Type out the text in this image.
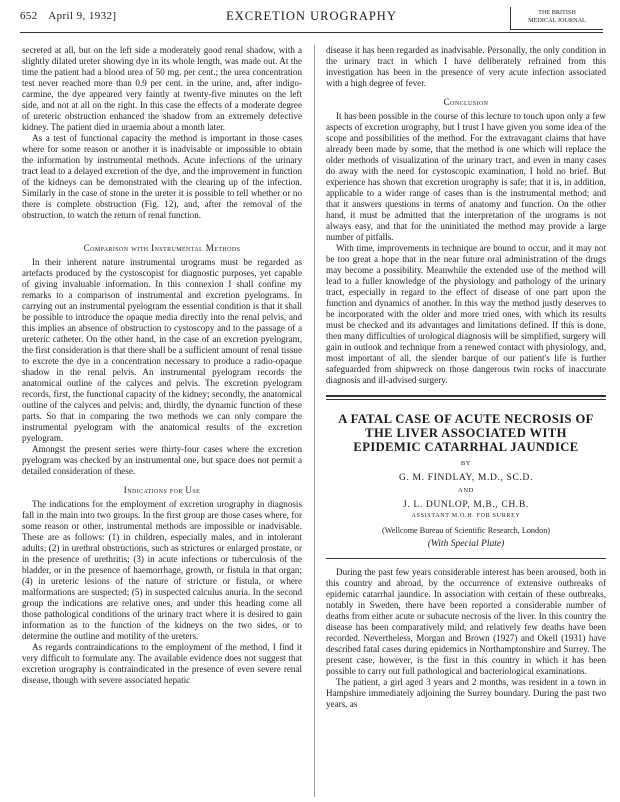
652 April 9, 1932]	EXCRETION UROGRAPHY	THE BRITISH
MEDICAL JOURNAL

secreted at all, but on the left side a moderately good renal shadow, with a slightly dilated ureter showing dye in its whole length, was made out. At the time the patient had a blood urea of 50 mg. per cent.; the urea concentration test never reached more than 0.9 per cent. in the urine, and, after indigo-carmine, the dye appeared very faintly at twenty-five minutes on the left side, and not at all on the right. In this case the effects of a moderate degree of ureteric obstruction enhanced the shadow from an extremely defective kidney. The patient died in uraemia about a month later.

As a test of functional capacity the method is important in those cases where for some reason or another it is inadvisable or impossible to obtain the information by instrumental methods. Acute infections of the urinary tract lead to a delayed excretion of the dye, and the improvement in function of the kidneys can be demonstrated with the clearing up of the infection. Similarly in the case of stone in the ureter it is possible to tell whether or no there is complete obstruction (Fig. 12), and, after the removal of the obstruction, to watch the return of renal function.

Comparison with Instrumental Methods

In their inherent nature instrumental urograms must be regarded as artefacts produced by the cystoscopist for diagnostic purposes, yet capable of giving invaluable information. In this connexion I shall confine my remarks to a comparison of instrumental and excretion pyelograms. In carrying out an instrumental pyelogram the essential condition is that it shall be possible to introduce the opaque media directly into the renal pelvis, and this implies an absence of obstruction to cystoscopy and to the passage of a ureteric catheter. On the other hand, in the case of an excretion pyelogram, the first consideration is that there shall be a sufficient amount of renal tissue to excrete the dye in a concentration necessary to produce a radio-opaque shadow in the renal pelvis. An instrumental pyelogram records the anatomical outline of the calyces and pelvis. The excretion pyelogram records, first, the functional capacity of the kidney; secondly, the anatomical outline of the calyces and pelvis; and, thirdly, the dynamic function of these parts. So that in comparing the two methods we can only compare the instrumental pyelogram with the anatomical results of the excretion pyelogram.

Amongst the present series were thirty-four cases where the excretion pyelogram was checked by an instrumental one, but space does not permit a detailed consideration of these.

Indications for Use

The indications for the employment of excretion urography in diagnosis fall in the main into two groups. In the first group are those cases where, for some reason or other, instrumental methods are impossible or inadvisable. These are as follows: (1) in children, especially males, and in intolerant adults; (2) in urethral obstructions, such as strictures or enlarged prostate, or in the presence of urethritis; (3) in acute infections or tuberculosis of the bladder, or in the presence of haemorrhage, growth, or fistula in that organ; (4) in ureteric lesions of the nature of stricture or fistula, or where malformations are suspected; (5) in suspected calculus anuria. In the second group the indications are relative ones, and under this heading come all those pathological conditions of the urinary tract where it is desired to gain information as to the function of the kidneys on the two sides, or to determine the outline and motility of the ureters.

As regards contraindications to the employment of the method, I find it very difficult to formulate any. The available evidence does not suggest that excretion urography is contraindicated in the presence of even severe renal disease, though with severe associated hepatic

disease it has been regarded as inadvisable. Personally, the only condition in the urinary tract in which I have deliberately refrained from this investigation has been in the presence of very acute infection associated with a high degree of fever.

Conclusion

It has been possible in the course of this lecture to touch upon only a few aspects of excretion urography, but I trust I have given you some idea of the scope and possibilities of the method. For the extravagant claims that have already been made by some, that the method is one which will replace the older methods of visualization of the urinary tract, and even in many cases do away with the need for cystoscopic examination, I hold no brief. But experience has shown that excretion urography is safe; that it is, in addition, applicable to a wider range of cases than is the instrumental method; and that it answers questions in terms of anatomy and function. On the other hand, it must be admitted that the interpretation of the urograms is not always easy, and that for the uninitiated the method may provide a large number of pitfalls.

With time, improvements in technique are bound to occur, and it may not be too great a hope that in the near future oral administration of the drugs may become a possibility. Meanwhile the extended use of the method will lead to a fuller knowledge of the physiology and pathology of the urinary tract, especially in regard to the effect of disease of one part upon the function and dynamics of another. In this way the method justly deserves to be incorporated with the older and more tried ones, with which its results must be checked and its advantages and limitations defined. If this is done, then many difficulties of urological diagnosis will be simplified, surgery will gain in outlook and technique from a renewed contact with physiology, and, most important of all, the slender barque of our patient's life is further safeguarded from shipwreck on those dangerous twin rocks of inaccurate diagnosis and ill-advised surgery.

A FATAL CASE OF ACUTE NECROSIS OF THE LIVER ASSOCIATED WITH EPIDEMIC CATARRHAL JAUNDICE
BY
G. M. FINDLAY, M.D., SC.D.
AND
J. L. DUNLOP, M.B., CH.B.
ASSISTANT M.O.H. FOR SURREY
(Wellcome Bureau of Scientific Research, London)
(With Special Plate)

During the past few years considerable interest has been aroused, both in this country and abroad, by the occurrence of extensive outbreaks of epidemic catarrhal jaundice. In association with certain of these outbreaks, notably in Sweden, there have been reported a considerable number of deaths from either acute or subacute necrosis of the liver. In this country the disease has been comparatively mild, and relatively few deaths have been recorded. Nevertheless, Morgan and Brown (1927) and Okell (1931) have described fatal cases during epidemics in Northamptonshire and Surrey. The present case, however, is the first in this country in which it has been possible to carry out full pathological and bacteriological examinations.

The patient, a girl aged 3 years and 2 months, was resident in a town in Hampshire immediately adjoining the Surrey boundary. During the past two years, as
